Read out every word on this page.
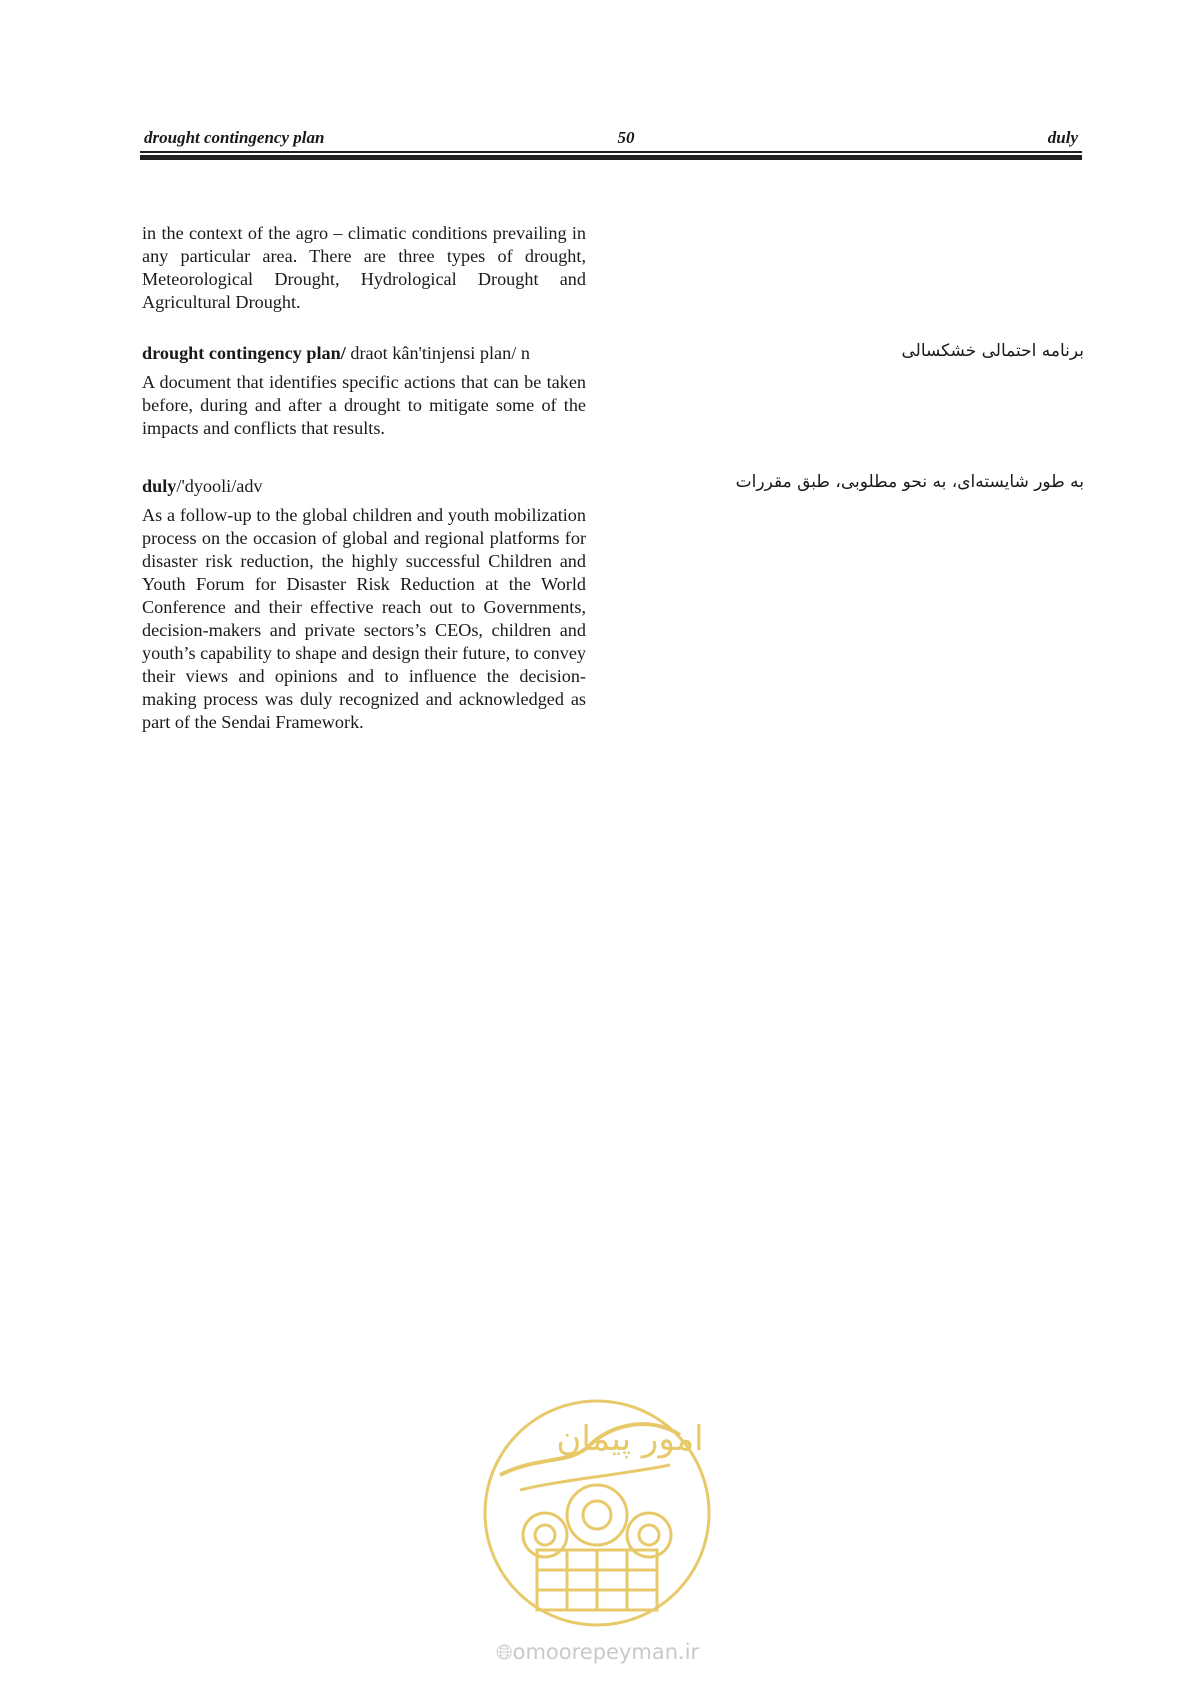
drought contingency plan	50	duly

in the context of the agro – climatic conditions prevailing in any particular area. There are three types of drought, Meteorological Drought, Hydrological Drought and Agricultural Drought.

drought contingency plan/ draot kân'tinjensi plan/ n

A document that identifies specific actions that can be taken before, during and after a drought to mitigate some of the impacts and conflicts that results.

برنامه احتمالی خشکسالی

duly/'dyooli/adv

As a follow-up to the global children and youth mobilization process on the occasion of global and regional platforms for disaster risk reduction, the highly successful Children and Youth Forum for Disaster Risk Reduction at the World Conference and their effective reach out to Governments, decision-makers and private sectors’s CEOs, children and youth’s capability to shape and design their future, to convey their views and opinions and to influence the decision-making process was duly recognized and acknowledged as part of the Sendai Framework.

به طور شایسته‌ای، به نحو مطلوبی، طبق مقررات
امور پیمان
🌐︎omoorepeyman.ir
